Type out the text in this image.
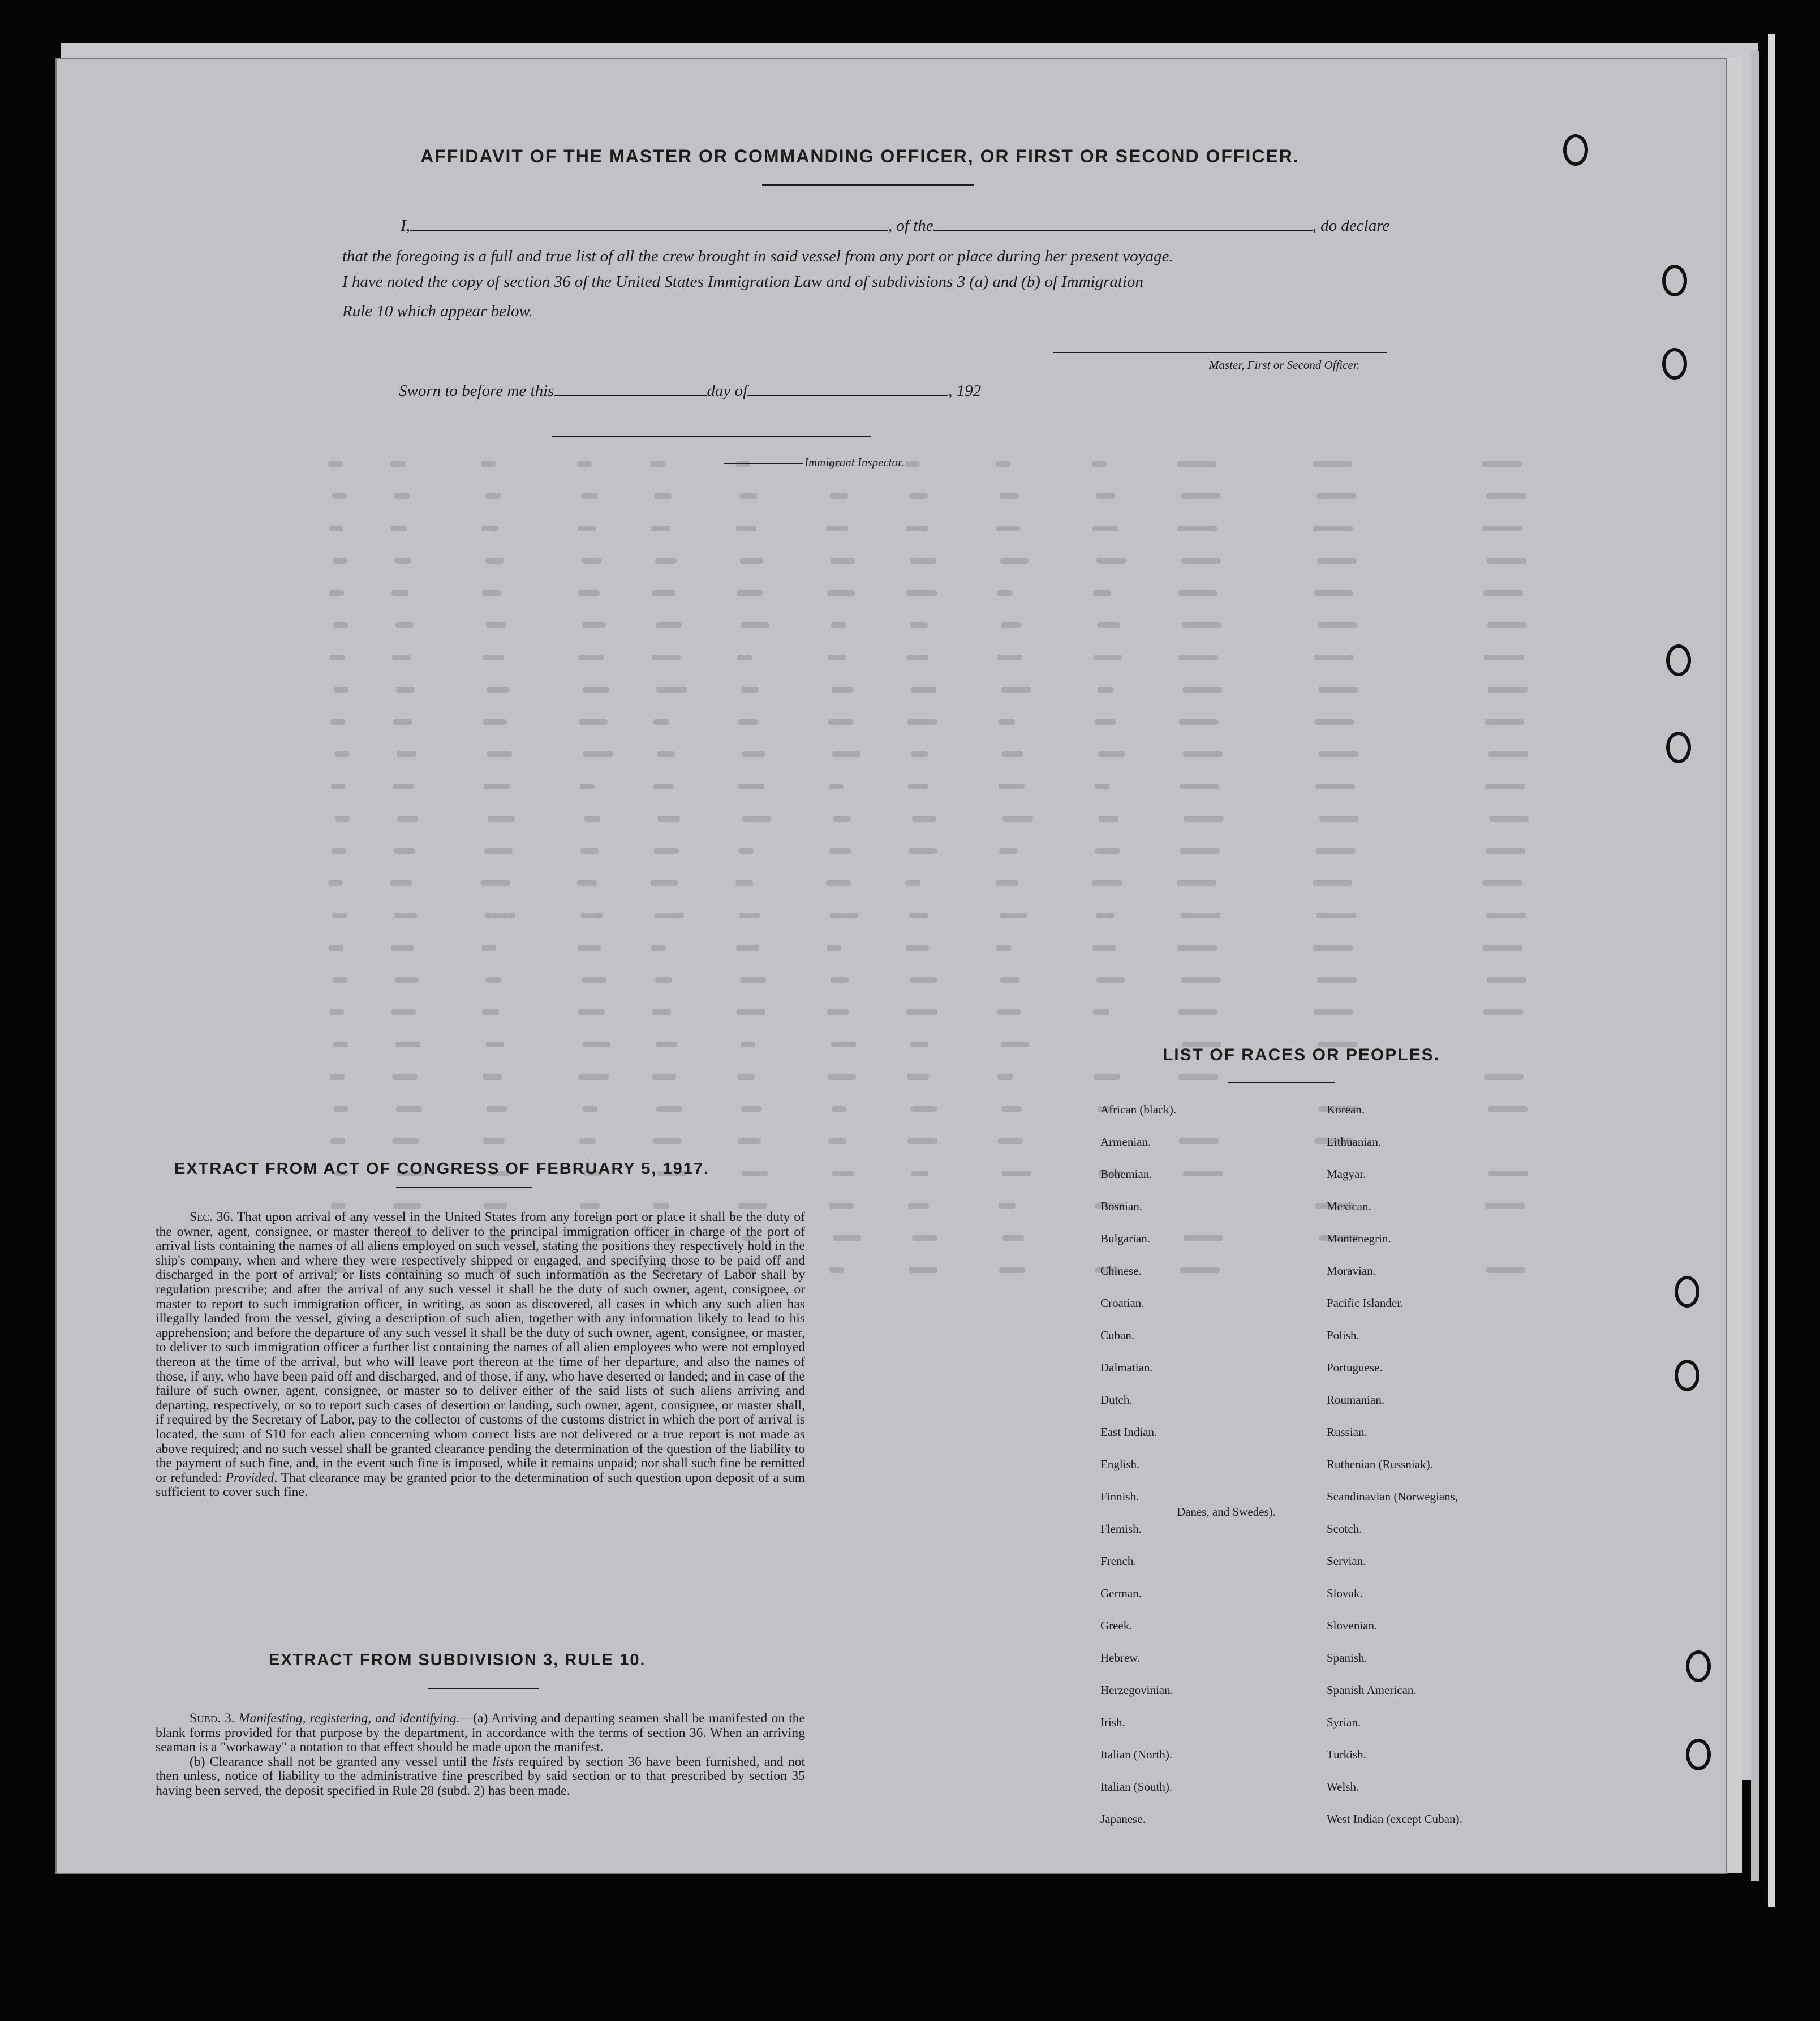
AFFIDAVIT OF THE MASTER OR COMMANDING OFFICER, OR FIRST OR SECOND OFFICER.
I,	, of the	, do declare
that the foregoing is a full and true list of all the crew brought in said vessel from any port or place during her present voyage.
I have noted the copy of section 36 of the United States Immigration Law and of subdivisions 3 (a) and (b) of Immigration
Rule 10 which appear below.
Master, First or Second Officer.
Sworn to before me this	day of	, 192
Immigrant Inspector.
EXTRACT FROM ACT OF CONGRESS OF FEBRUARY 5, 1917.

Sec. 36. That upon arrival of any vessel in the United States from any foreign port or place it shall be the duty of the owner, agent, consignee, or master thereof to deliver to the principal immigration officer in charge of the port of arrival lists containing the names of all aliens employed on such vessel, stating the positions they respectively hold in the ship's company, when and where they were respectively shipped or engaged, and specifying those to be paid off and discharged in the port of arrival; or lists containing so much of such information as the Secretary of Labor shall by regulation prescribe; and after the arrival of any such vessel it shall be the duty of such owner, agent, consignee, or master to report to such immigration officer, in writing, as soon as discovered, all cases in which any such alien has illegally landed from the vessel, giving a description of such alien, together with any information likely to lead to his apprehension; and before the departure of any such vessel it shall be the duty of such owner, agent, consignee, or master, to deliver to such immigration officer a further list containing the names of all alien employees who were not employed thereon at the time of the arrival, but who will leave port thereon at the time of her departure, and also the names of those, if any, who have been paid off and discharged, and of those, if any, who have deserted or landed; and in case of the failure of such owner, agent, consignee, or master so to deliver either of the said lists of such aliens arriving and departing, respectively, or so to report such cases of desertion or landing, such owner, agent, consignee, or master shall, if required by the Secretary of Labor, pay to the collector of customs of the customs district in which the port of arrival is located, the sum of $10 for each alien concerning whom correct lists are not delivered or a true report is not made as above required; and no such vessel shall be granted clearance pending the determination of the question of the liability to the payment of such fine, and, in the event such fine is imposed, while it remains unpaid; nor shall such fine be remitted or refunded: Provided, That clearance may be granted prior to the determination of such question upon deposit of a sum sufficient to cover such fine.

EXTRACT FROM SUBDIVISION 3, RULE 10.

Subd. 3. Manifesting, registering, and identifying.—(a) Arriving and departing seamen shall be manifested on the blank forms provided for that purpose by the department, in accordance with the terms of section 36. When an arriving seaman is a "workaway" a notation to that effect should be made upon the manifest.

(b) Clearance shall not be granted any vessel until the lists required by section 36 have been furnished, and not then unless, notice of liability to the administrative fine prescribed by said section or to that prescribed by section 35 having been served, the deposit specified in Rule 28 (subd. 2) has been made.

LIST OF RACES OR PEOPLES.
African (black).
Armenian.
Bohemian.
Bosnian.
Bulgarian.
Chinese.
Croatian.
Cuban.
Dalmatian.
Dutch.
East Indian.
English.
Finnish.
Flemish.
French.
German.
Greek.
Hebrew.
Herzegovinian.
Irish.
Italian (North).
Italian (South).
Japanese.
Korean.
Lithuanian.
Magyar.
Mexican.
Montenegrin.
Moravian.
Pacific Islander.
Polish.
Portuguese.
Roumanian.
Russian.
Ruthenian (Russniak).
Scandinavian (Norwegians,
Danes, and Swedes).
Scotch.
Servian.
Slovak.
Slovenian.
Spanish.
Spanish American.
Syrian.
Turkish.
Welsh.
West Indian (except Cuban).
